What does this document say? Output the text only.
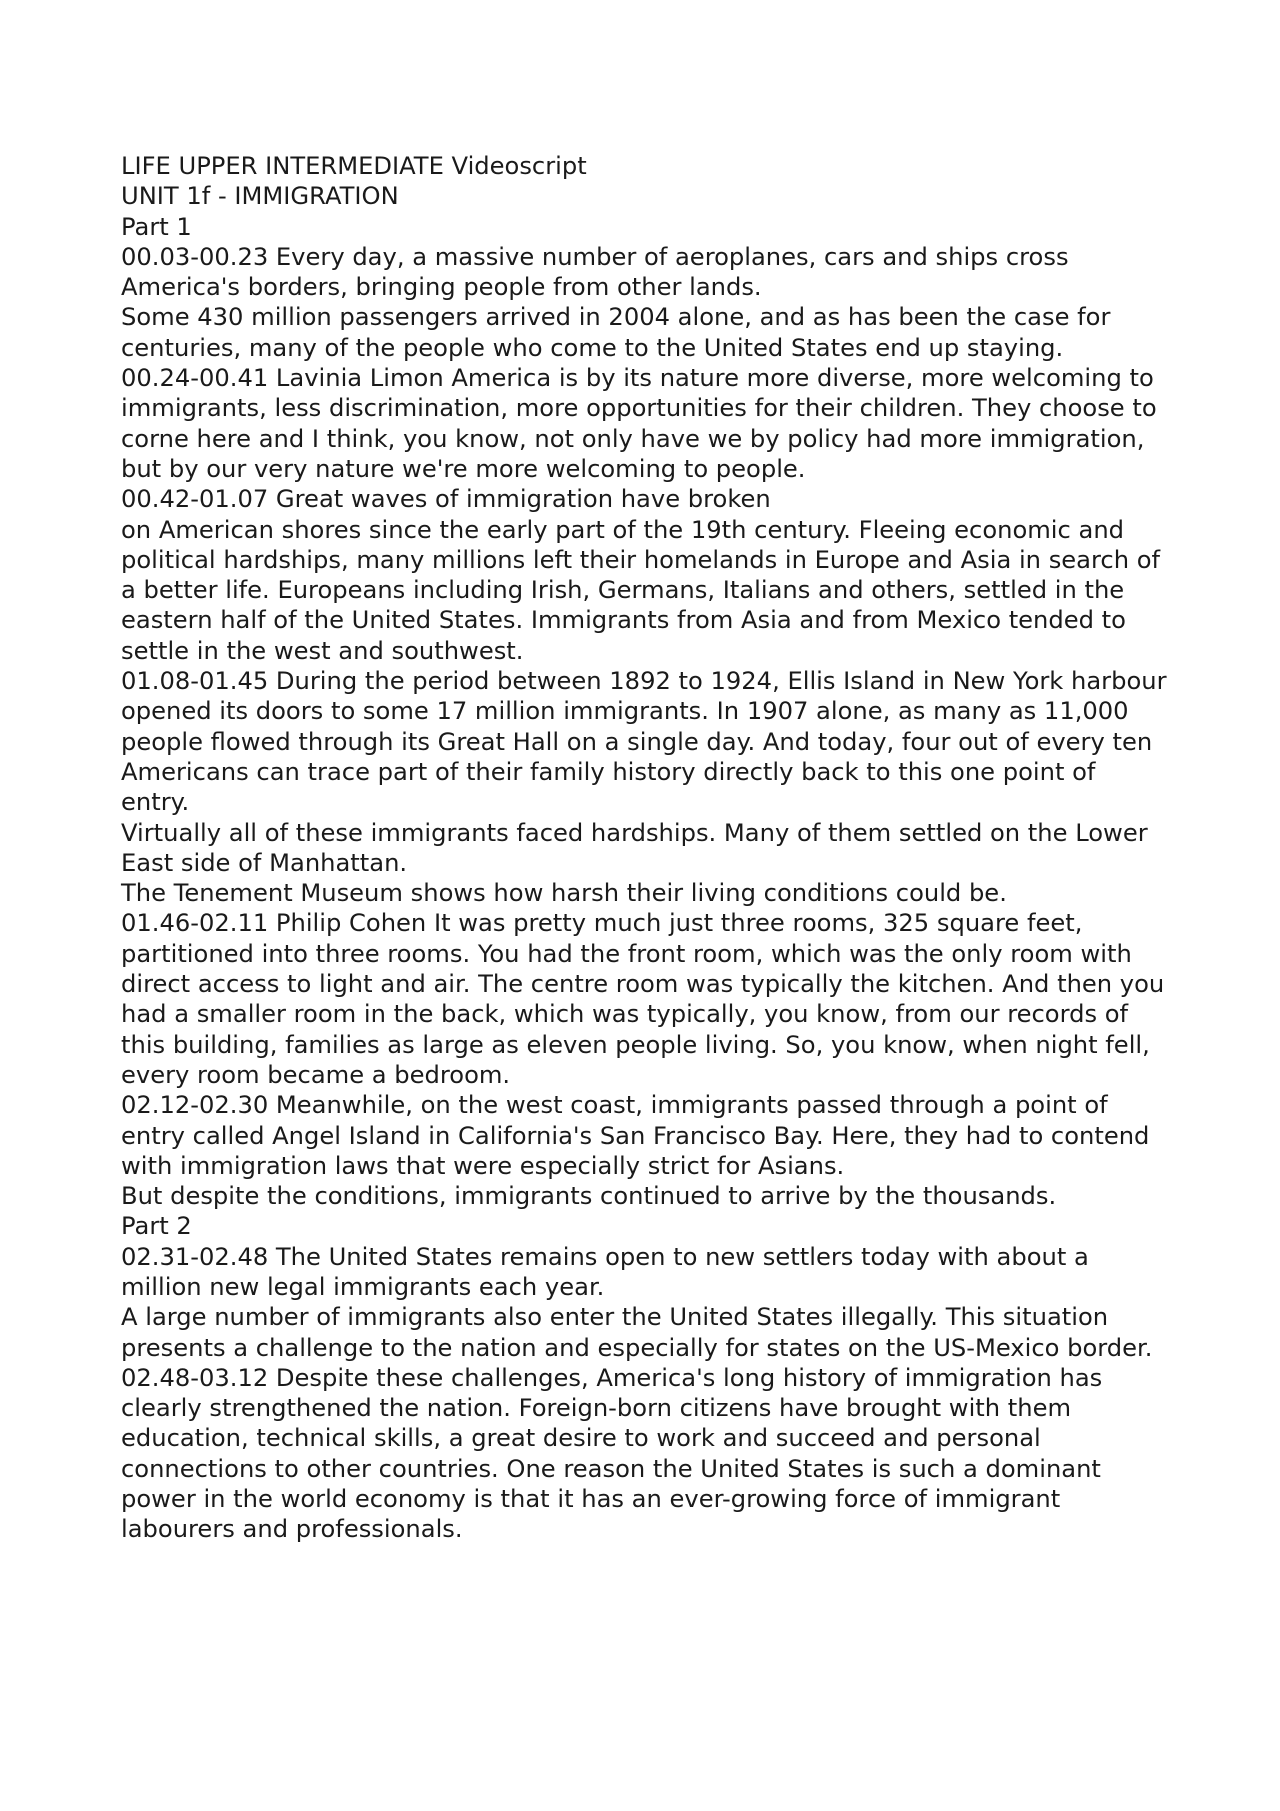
LIFE UPPER INTERMEDIATE Videoscript

UNIT 1f - IMMIGRATION

Part 1

00.03-00.23 Every day, a massive number of aeroplanes, cars and ships cross America's borders, bringing people from other lands.

Some 430 million passengers arrived in 2004 alone, and as has been the case for centuries, many of the people who come to the United States end up staying.

00.24-00.41 Lavinia Limon America is by its nature more diverse, more welcoming to immigrants, less discrimination, more opportunities for their children. They choose to corne here and I think, you know, not only have we by policy had more immigration, but by our very nature we're more welcoming to people.

00.42-01.07 Great waves of immigration have broken

on American shores since the early part of the 19th century. Fleeing economic and political hardships, many millions left their homelands in Europe and Asia in search of a better life. Europeans including Irish, Germans, Italians and others, settled in the eastern half of the United States. Immigrants from Asia and from Mexico tended to settle in the west and southwest.

01.08-01.45 During the period between 1892 to 1924, Ellis Island in New York harbour opened its doors to some 17 million immigrants. In 1907 alone, as many as 11,000 people flowed through its Great Hall on a single day. And today, four out of every ten Americans can trace part of their family history directly back to this one point of entry.

Virtually all of these immigrants faced hardships. Many of them settled on the Lower East side of Manhattan.

The Tenement Museum shows how harsh their living conditions could be.

01.46-02.11 Philip Cohen It was pretty much just three rooms, 325 square feet, partitioned into three rooms. You had the front room, which was the only room with direct access to light and air. The centre room was typically the kitchen. And then you had a smaller room in the back, which was typically, you know, from our records of this building, families as large as eleven people living. So, you know, when night fell, every room became a bedroom.

02.12-02.30 Meanwhile, on the west coast, immigrants passed through a point of entry called Angel Island in California's San Francisco Bay. Here, they had to contend with immigration laws that were especially strict for Asians.

But despite the conditions, immigrants continued to arrive by the thousands.

Part 2

02.31-02.48 The United States remains open to new settlers today with about a million new legal immigrants each year.

A large number of immigrants also enter the United States illegally. This situation presents a challenge to the nation and especially for states on the US-Mexico border.

02.48-03.12 Despite these challenges, America's long history of immigration has clearly strengthened the nation. Foreign-born citizens have brought with them education, technical skills, a great desire to work and succeed and personal connections to other countries. One reason the United States is such a dominant power in the world economy is that it has an ever-growing force of immigrant labourers and professionals.
